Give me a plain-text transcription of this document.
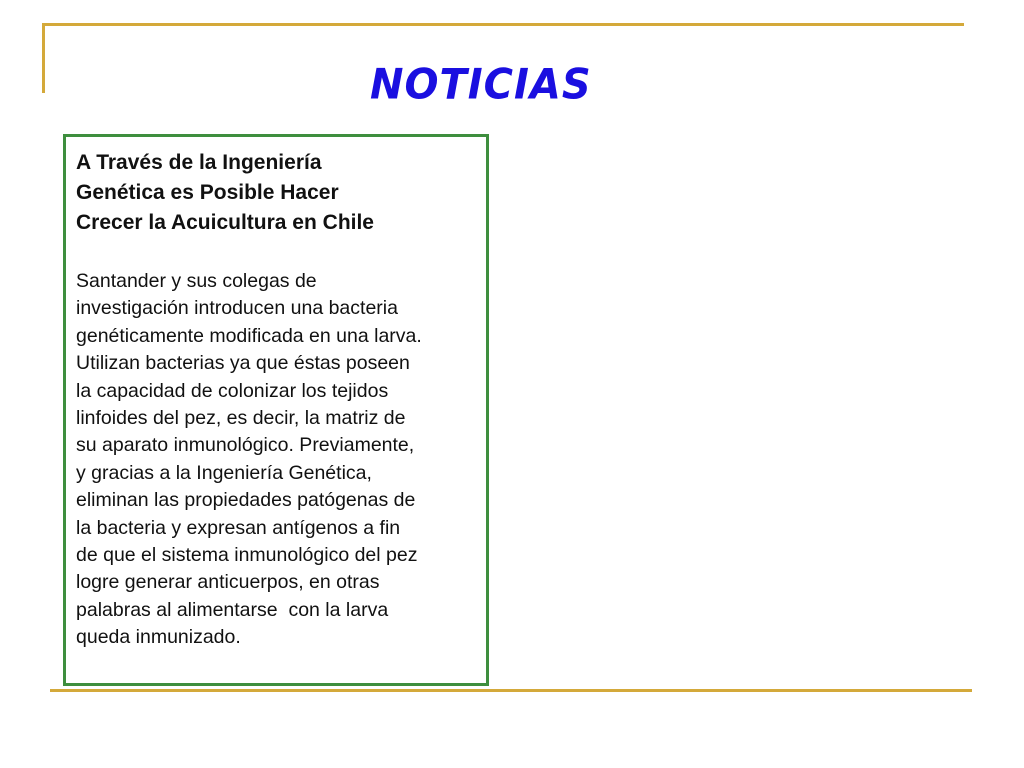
NOTICIAS
A Través de la Ingeniería
Genética es Posible Hacer
Crecer la Acuicultura en Chile
Santander y sus colegas de
investigación introducen una bacteria
genéticamente modificada en una larva.
Utilizan bacterias ya que éstas poseen
la capacidad de colonizar los tejidos
linfoides del pez, es decir, la matriz de
su aparato inmunológico. Previamente,
y gracias a la Ingeniería Genética,
eliminan las propiedades patógenas de
la bacteria y expresan antígenos a fin
de que el sistema inmunológico del pez
logre generar anticuerpos, en otras
palabras al alimentarse  con la larva
queda inmunizado.
